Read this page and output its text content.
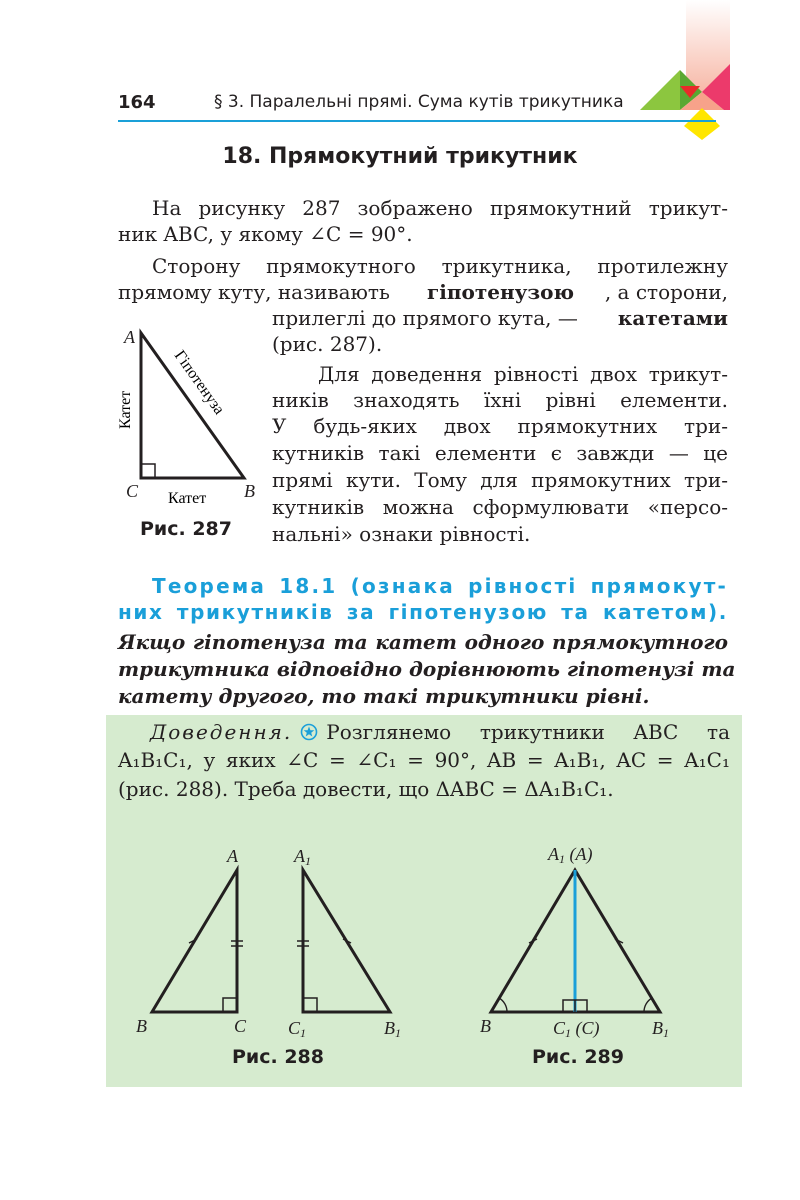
164	§ 3. Паралельні прямі. Сума кутів трикутника
18. Прямокутний трикутник
На рисунку 287 зображено прямокутний трикут-
ник ABC, у якому ∠C = 90°.
Сторону прямокутного трикутника, протилежну
прямому куту, називають гіпотенузою , а сторони,
прилеглі до прямого кута, — катетами
(рис. 287).
Для доведення рівності двох трикут-
ників знаходять їхні рівні елементи.
У будь-яких двох прямокутних три-
кутників такі елементи є завжди — це
прямі кути. Тому для прямокутних три-
кутників можна сформулювати «персо-
нальні» ознаки рівності.
A
C	B
Катет
Катет Гіпотенуза
Рис. 287
Теорема 18.1 (ознака рівності прямокут-
них трикутників за гіпотенузою та катетом).
Якщо гіпотенуза та катет одного прямокутного
трикутника відповідно дорівнюють гіпотенузі та
катету другого, то такі трикутники рівні.
Доведення. Розглянемо трикутники ABC та
A₁B₁C₁, у яких ∠C = ∠C₁ = 90°, AB = A₁B₁, AC = A₁C₁
(рис. 288). Треба довести, що ΔABC = ΔA₁B₁C₁.
A
B	C
A1
C1	B1
Рис. 288
A1 (A)
B	C1 (C)	B1
Рис. 289
